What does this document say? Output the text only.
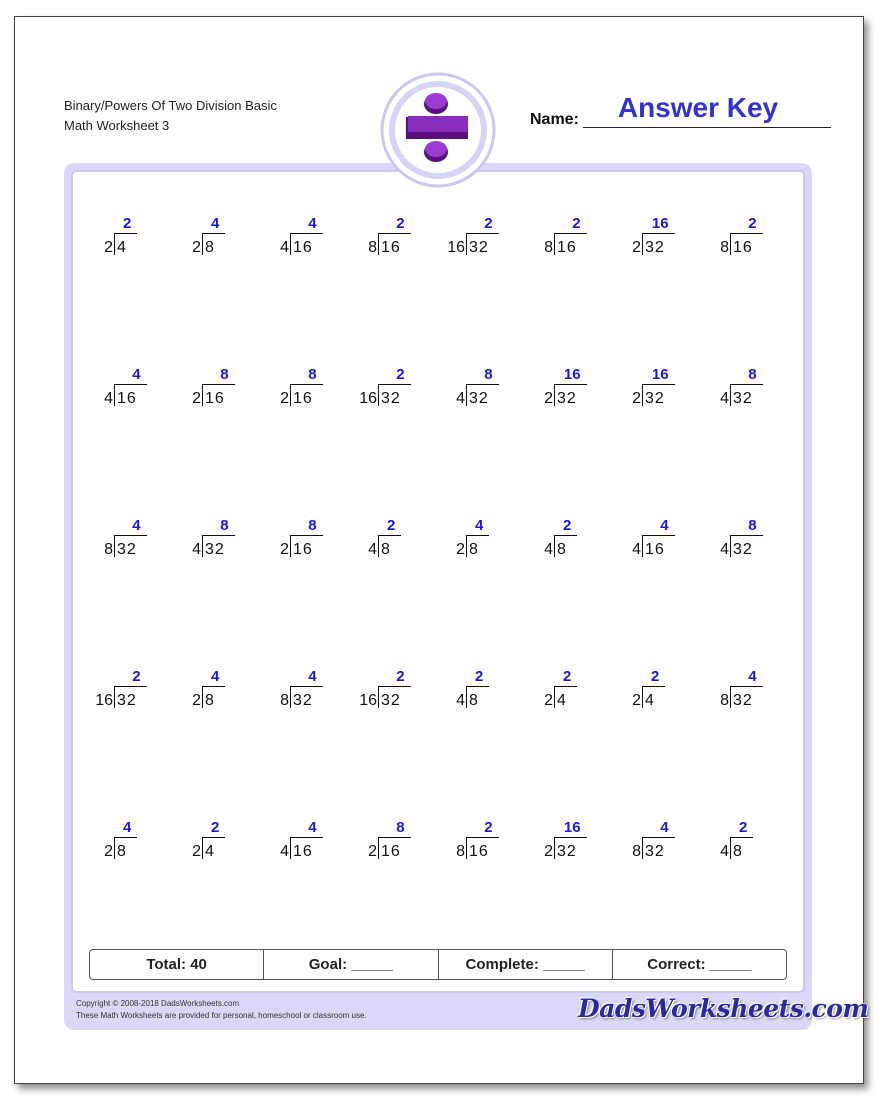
Binary/Powers Of Two Division Basic
Math Worksheet 3	Name:	Answer Key
2
2 4
4
2 8
4
4 16
2
8 16
2
16 32
2
8 16
16
2 32
2
8 16
4
4 16
8
2 16
8
2 16
2
16 32
8
4 32
16
2 32
16
2 32
8
4 32
4
8 32
8
4 32
8
2 16
2
4 8
4
2 8
2
4 8
4
4 16
8
4 32
2
16 32
4
2 8
4
8 32
2
16 32
2
4 8
2
2 4
2
2 4
4
8 32
4
2 8
2
2 4
4
4 16
8
2 16
2
8 16
16
2 32
4
8 32
2
4 8
Total: 40	Goal: _____	Complete: _____	Correct: _____
Copyright © 2008-2018 DadsWorksheets.com
These Math Worksheets are provided for personal, homeschool or classroom use.	DadsWorksheets.com
